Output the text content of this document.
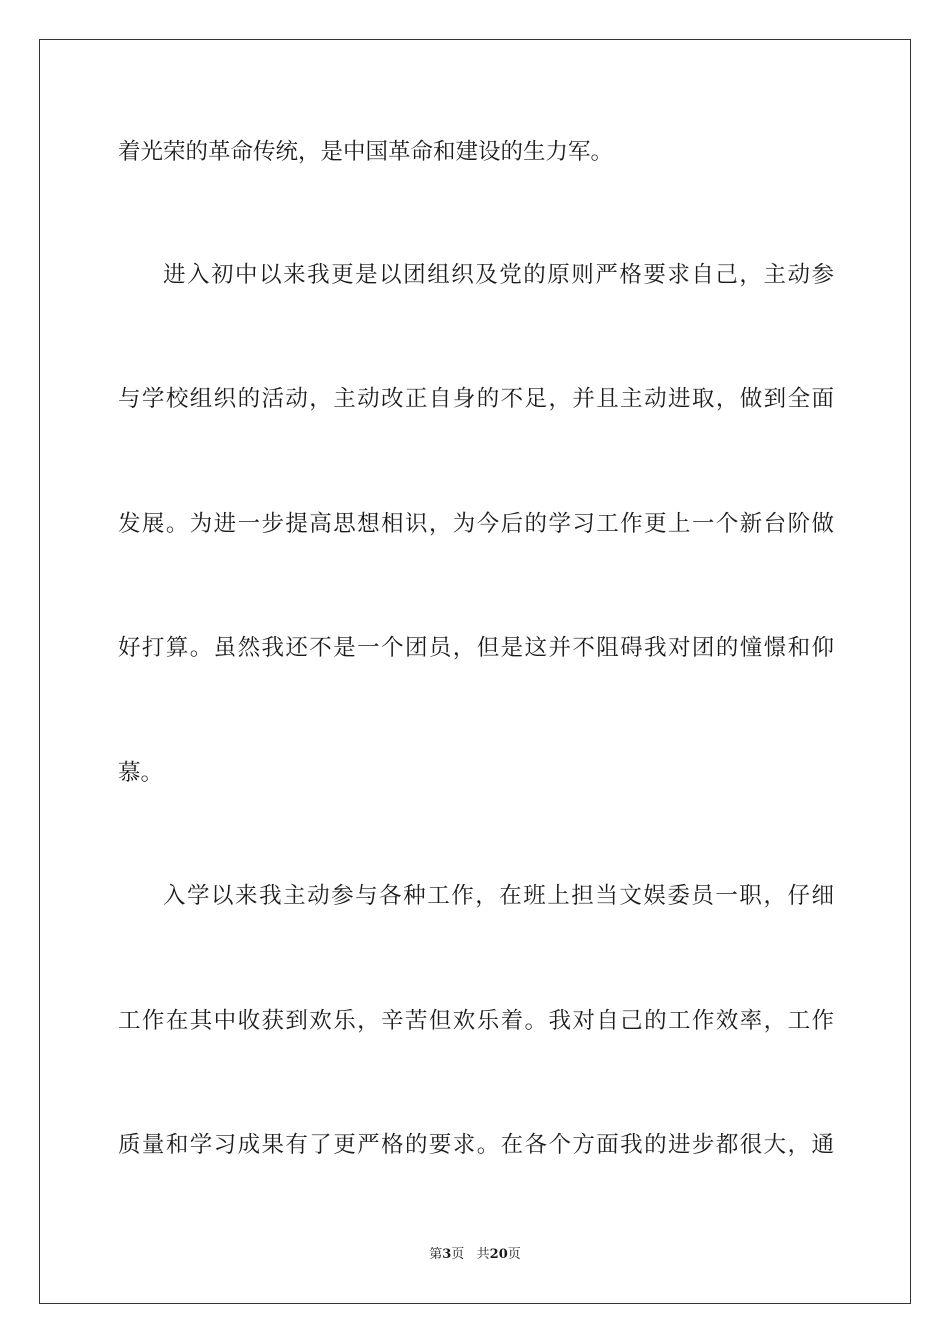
着光荣的革命传统，是中国革命和建设的生力军。

进入初中以来我更是以团组织及党的原则严格要求自己，主动参

与学校组织的活动，主动改正自身的不足，并且主动进取，做到全面

发展。为进一步提高思想相识，为今后的学习工作更上一个新台阶做

好打算。虽然我还不是一个团员，但是这并不阻碍我对团的憧憬和仰

慕。

入学以来我主动参与各种工作，在班上担当文娱委员一职，仔细

工作在其中收获到欢乐，辛苦但欢乐着。我对自己的工作效率，工作

质量和学习成果有了更严格的要求。在各个方面我的进步都很大，通

第3页   共20页
